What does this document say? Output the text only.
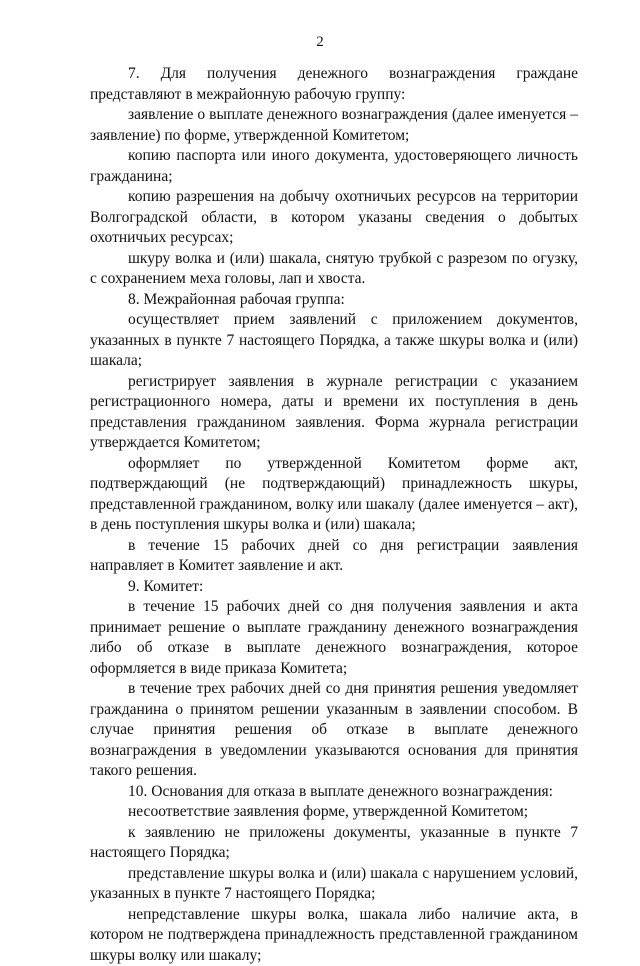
2

7. Для получения денежного вознаграждения граждане представляют в межрайонную рабочую группу:

заявление о выплате денежного вознаграждения (далее именуется – заявление) по форме, утвержденной Комитетом;

копию паспорта или иного документа, удостоверяющего личность гражданина;

копию разрешения на добычу охотничьих ресурсов на территории Волгоградской области, в котором указаны сведения о добытых охотничьих ресурсах;

шкуру волка и (или) шакала, снятую трубкой с разрезом по огузку, с сохранением меха головы, лап и хвоста.

8. Межрайонная рабочая группа:

осуществляет прием заявлений с приложением документов, указанных в пункте 7 настоящего Порядка, а также шкуры волка и (или) шакала;

регистрирует заявления в журнале регистрации с указанием регистрационного номера, даты и времени их поступления в день представления гражданином заявления. Форма журнала регистрации утверждается Комитетом;

оформляет по утвержденной Комитетом форме акт, подтверждающий (не подтверждающий) принадлежность шкуры, представленной гражданином, волку или шакалу (далее именуется – акт), в день поступления шкуры волка и (или) шакала;

в течение 15 рабочих дней со дня регистрации заявления направляет в Комитет заявление и акт.

9. Комитет:

в течение 15 рабочих дней со дня получения заявления и акта принимает решение о выплате гражданину денежного вознаграждения либо об отказе в выплате денежного вознаграждения, которое оформляется в виде приказа Комитета;

в течение трех рабочих дней со дня принятия решения уведомляет гражданина о принятом решении указанным в заявлении способом. В случае принятия решения об отказе в выплате денежного вознаграждения в уведомлении указываются основания для принятия такого решения.

10. Основания для отказа в выплате денежного вознаграждения:

несоответствие заявления форме, утвержденной Комитетом;

к заявлению не приложены документы, указанные в пункте 7 настоящего Порядка;

представление шкуры волка и (или) шакала с нарушением условий, указанных в пункте 7 настоящего Порядка;

непредставление шкуры волка, шакала либо наличие акта, в котором не подтверждена принадлежность представленной гражданином шкуры волку или шакалу;
